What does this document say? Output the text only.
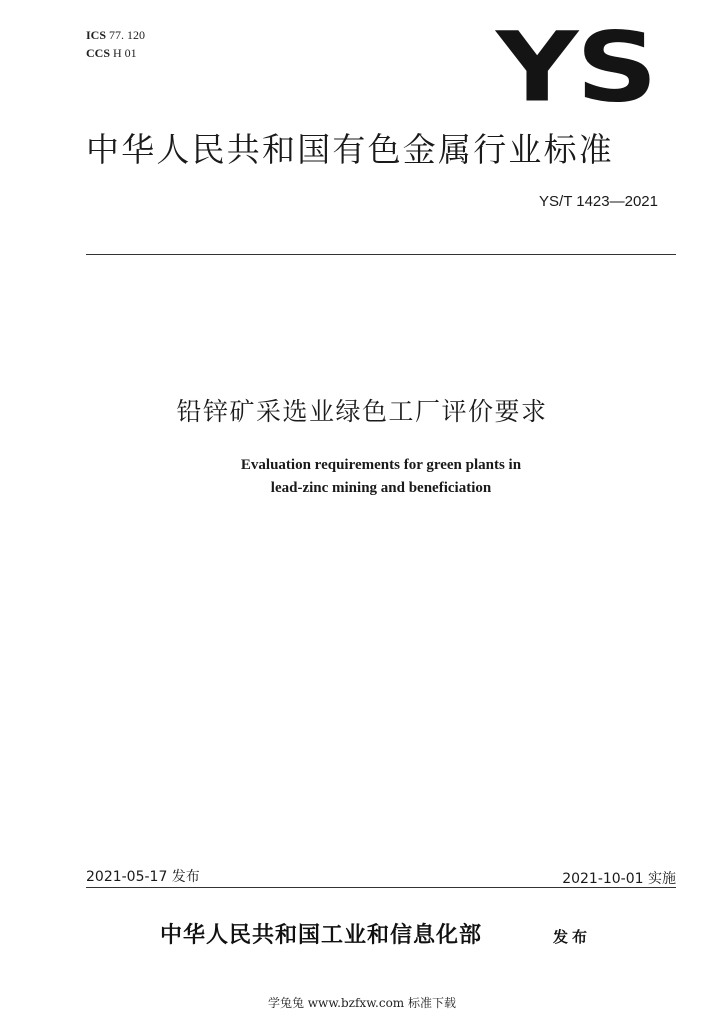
ICS 77. 120
CCS H 01	YS
中华人民共和国有色金属行业标准
YS/T 1423—2021
铅锌矿采选业绿色工厂评价要求
Evaluation requirements for green plants in
lead-zinc mining and beneficiation
2021-05-17 发布	2021-10-01 实施
中华人民共和国工业和信息化部	发布
学兔兔 www.bzfxw.com 标准下载
